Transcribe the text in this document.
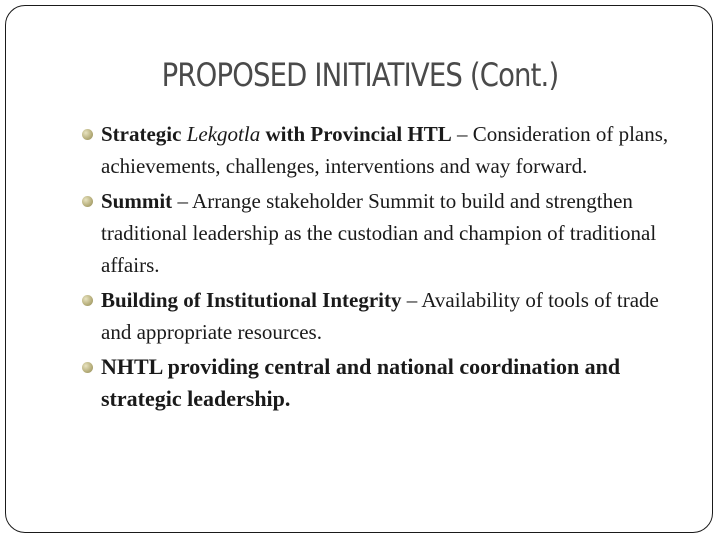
PROPOSED INITIATIVES (Cont.)
Strategic Lekgotla with Provincial HTL – Consideration of plans, achievements, challenges, interventions and way forward.
Summit – Arrange stakeholder Summit to build and strengthen traditional leadership as the custodian and champion of traditional affairs.
Building of Institutional Integrity – Availability of tools of trade and appropriate resources.
NHTL providing central and national coordination and strategic leadership.
